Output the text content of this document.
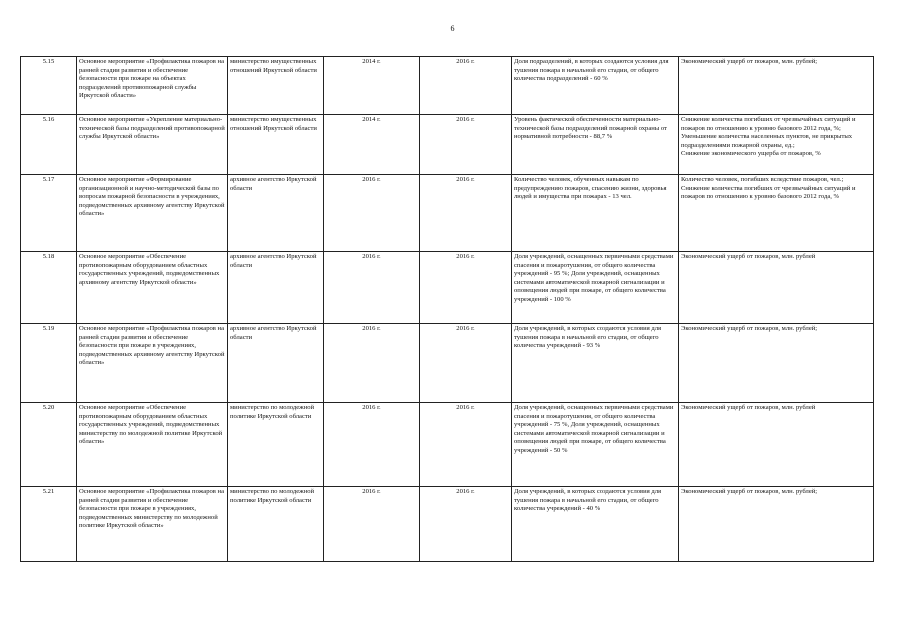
6
5.15	Основное мероприятие «Профилактика пожаров на ранней стадии развития и обеспечение безопасности при пожаре на объектах подразделений противопожарной службы Иркутской области»	министерство имущественных отношений Иркутской области	2014 г.	2016 г.	Доля подразделений, в которых создаются условия для тушения пожара в начальной его стадии, от общего количества подразделений - 60 %	Экономический ущерб от пожаров, млн. рублей;

5.16	Основное мероприятие «Укрепление материально-технической базы подразделений противопожарной службы Иркутской области»	министерство имущественных отношений Иркутской области	2014 г.	2016 г.	Уровень фактической обеспеченности материально-технической базы подразделений пожарной охраны от нормативной потребности - 88,7 %	Снижение количества погибших от чрезвычайных ситуаций и пожаров по отношению к уровню базового 2012 года, %;
Уменьшение количества населенных пунктов, не прикрытых подразделениями пожарной охраны, ед.;
Снижение экономического ущерба от пожаров, %

5.17	Основное мероприятие «Формирование организационной и научно-методической базы по вопросам пожарной безопасности в учреждениях, подведомственных архивному агентству Иркутской области»	архивное агентство Иркутской области	2016 г.	2016 г.	Количество человек, обученных навыкам по предупреждению пожаров, спасению жизни, здоровья людей и имущества при пожарах - 13 чел.	Количество человек, погибших вследствие пожаров, чел.;
Снижение количества погибших от чрезвычайных ситуаций и пожаров по отношению к уровню базового 2012 года, %

5.18	Основное мероприятие «Обеспечение противопожарным оборудованием областных государственных учреждений, подведомственных архивному агентству Иркутской области»	архивное агентство Иркутской области	2016 г.	2016 г.	Доля учреждений, оснащенных первичными средствами спасения и пожаротушения, от общего количества учреждений - 95 %; Доля учреждений, оснащенных системами автоматической пожарной сигнализации и оповещения людей при пожаре, от общего количества учреждений - 100 %	Экономический ущерб от пожаров, млн. рублей

5.19	Основное мероприятие «Профилактика пожаров на ранней стадии развития и обеспечение безопасности при пожаре в учреждениях, подведомственных архивному агентству Иркутской области»	архивное агентство Иркутской области	2016 г.	2016 г.	Доля учреждений, в которых создаются условия для тушения пожара в начальной его стадии, от общего количества учреждений - 93 %	Экономический ущерб от пожаров, млн. рублей;

5.20	Основное мероприятие «Обеспечение противопожарным оборудованием областных государственных учреждений, подведомственных министерству по молодежной политике Иркутской области»	министерство по молодежной политике Иркутской области	2016 г.	2016 г.	Доля учреждений, оснащенных первичными средствами спасения и пожаротушения, от общего количества учреждений - 75 %, Доля учреждений, оснащенных системами автоматической пожарной сигнализации и оповещения людей при пожаре, от общего количества учреждений - 50 %	Экономический ущерб от пожаров, млн. рублей

5.21	Основное мероприятие «Профилактика пожаров на ранней стадии развития и обеспечение безопасности при пожаре в учреждениях, подведомственных министерству по молодежной политике Иркутской области»	министерство по молодежной политике Иркутской области	2016 г.	2016 г.	Доля учреждений, в которых создаются условия для тушения пожара в начальной его стадии, от общего количества учреждений - 40 %	Экономический ущерб от пожаров, млн. рублей;
